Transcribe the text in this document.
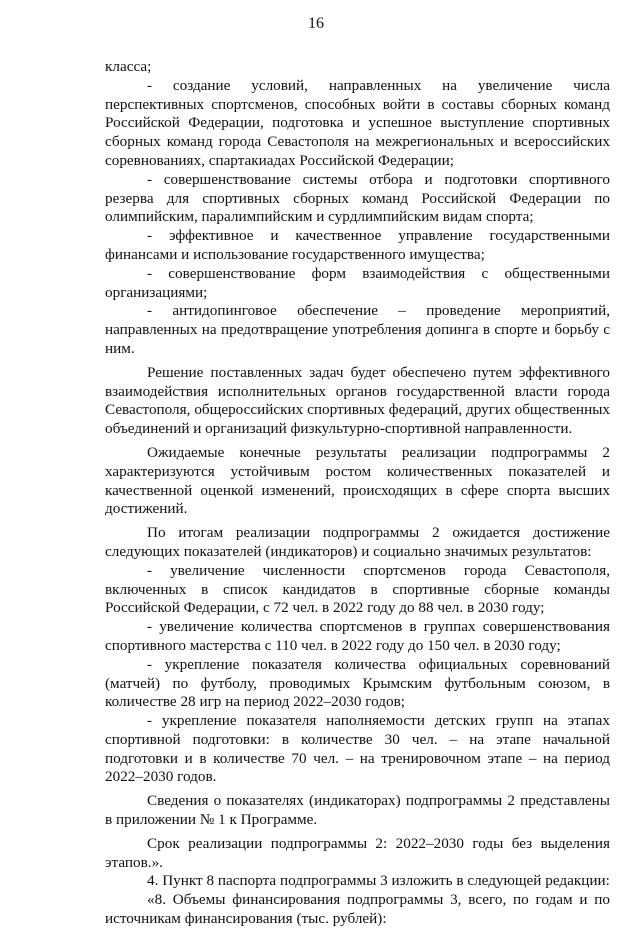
16

класса;

- создание условий, направленных на увеличение числа перспективных спортсменов, способных войти в составы сборных команд Российской Федерации, подготовка и успешное выступление спортивных сборных команд города Севастополя на межрегиональных и всероссийских соревнованиях, спартакиадах Российской Федерации;

- совершенствование системы отбора и подготовки спортивного резерва для спортивных сборных команд Российской Федерации по олимпийским, паралимпийским и сурдлимпийским видам спорта;

- эффективное и качественное управление государственными финансами и использование государственного имущества;

- совершенствование форм взаимодействия с общественными организациями;

- антидопинговое обеспечение – проведение мероприятий, направленных на предотвращение употребления допинга в спорте и борьбу с ним.

Решение поставленных задач будет обеспечено путем эффективного взаимодействия исполнительных органов государственной власти города Севастополя, общероссийских спортивных федераций, других общественных объединений и организаций физкультурно-спортивной направленности.

Ожидаемые конечные результаты реализации подпрограммы 2 характеризуются устойчивым ростом количественных показателей и качественной оценкой изменений, происходящих в сфере спорта высших достижений.

По итогам реализации подпрограммы 2 ожидается достижение следующих показателей (индикаторов) и социально значимых результатов:

- увеличение численности спортсменов города Севастополя, включенных в список кандидатов в спортивные сборные команды Российской Федерации, с 72 чел. в 2022 году до 88 чел. в 2030 году;

- увеличение количества спортсменов в группах совершенствования спортивного мастерства с 110 чел. в 2022 году до 150 чел. в 2030 году;

- укрепление показателя количества официальных соревнований (матчей) по футболу, проводимых Крымским футбольным союзом, в количестве 28 игр на период 2022–2030 годов;

- укрепление показателя наполняемости детских групп на этапах спортивной подготовки: в количестве 30 чел. – на этапе начальной подготовки и в количестве 70 чел. – на тренировочном этапе – на период 2022–2030 годов.

Сведения о показателях (индикаторах) подпрограммы 2 представлены в приложении № 1 к Программе.

Срок реализации подпрограммы 2: 2022–2030 годы без выделения этапов.».

4. Пункт 8 паспорта подпрограммы 3 изложить в следующей редакции:

«8. Объемы финансирования подпрограммы 3, всего, по годам и по источникам финансирования (тыс. рублей):
